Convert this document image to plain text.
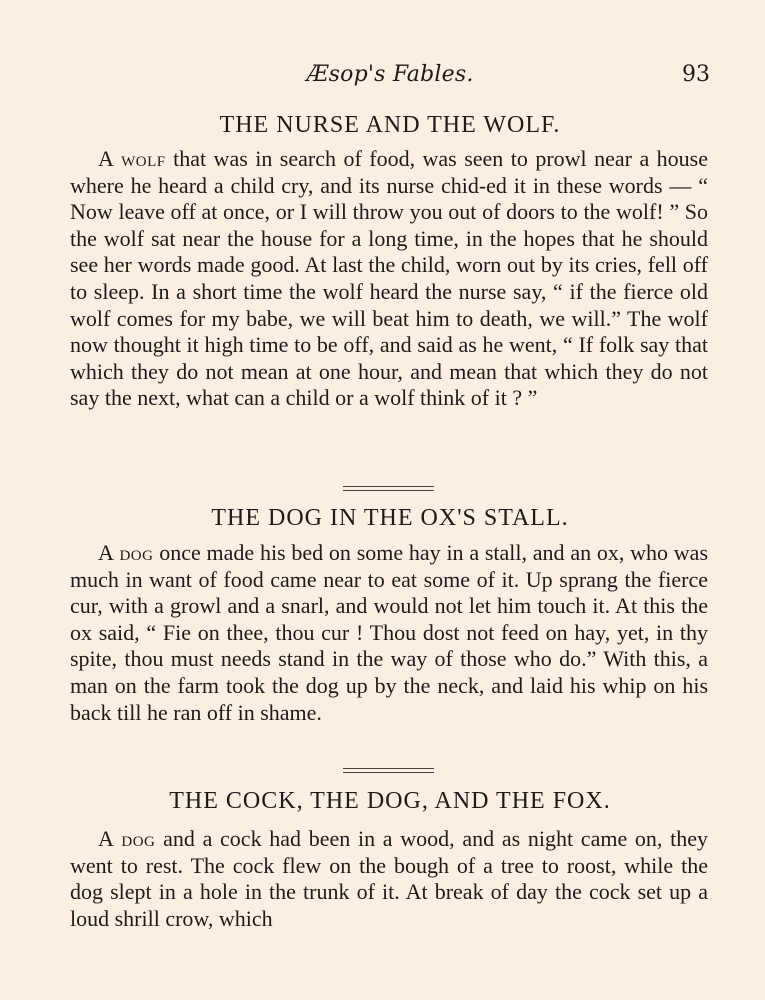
Æsop's Fables.	93
THE NURSE AND THE WOLF.

A wolf that was in search of food, was seen to prowl near a house where he heard a child cry, and its nurse chid-ed it in these words — “ Now leave off at once, or I will throw you out of doors to the wolf! ” So the wolf sat near the house for a long time, in the hopes that he should see her words made good. At last the child, worn out by its cries, fell off to sleep. In a short time the wolf heard the nurse say, “ if the fierce old wolf comes for my babe, we will beat him to death, we will.” The wolf now thought it high time to be off, and said as he went, “ If folk say that which they do not mean at one hour, and mean that which they do not say the next, what can a child or a wolf think of it ? ”

THE DOG IN THE OX'S STALL.

A dog once made his bed on some hay in a stall, and an ox, who was much in want of food came near to eat some of it. Up sprang the fierce cur, with a growl and a snarl, and would not let him touch it. At this the ox said, “ Fie on thee, thou cur ! Thou dost not feed on hay, yet, in thy spite, thou must needs stand in the way of those who do.” With this, a man on the farm took the dog up by the neck, and laid his whip on his back till he ran off in shame.

THE COCK, THE DOG, AND THE FOX.

A dog and a cock had been in a wood, and as night came on, they went to rest. The cock flew on the bough of a tree to roost, while the dog slept in a hole in the trunk of it. At break of day the cock set up a loud shrill crow, which
